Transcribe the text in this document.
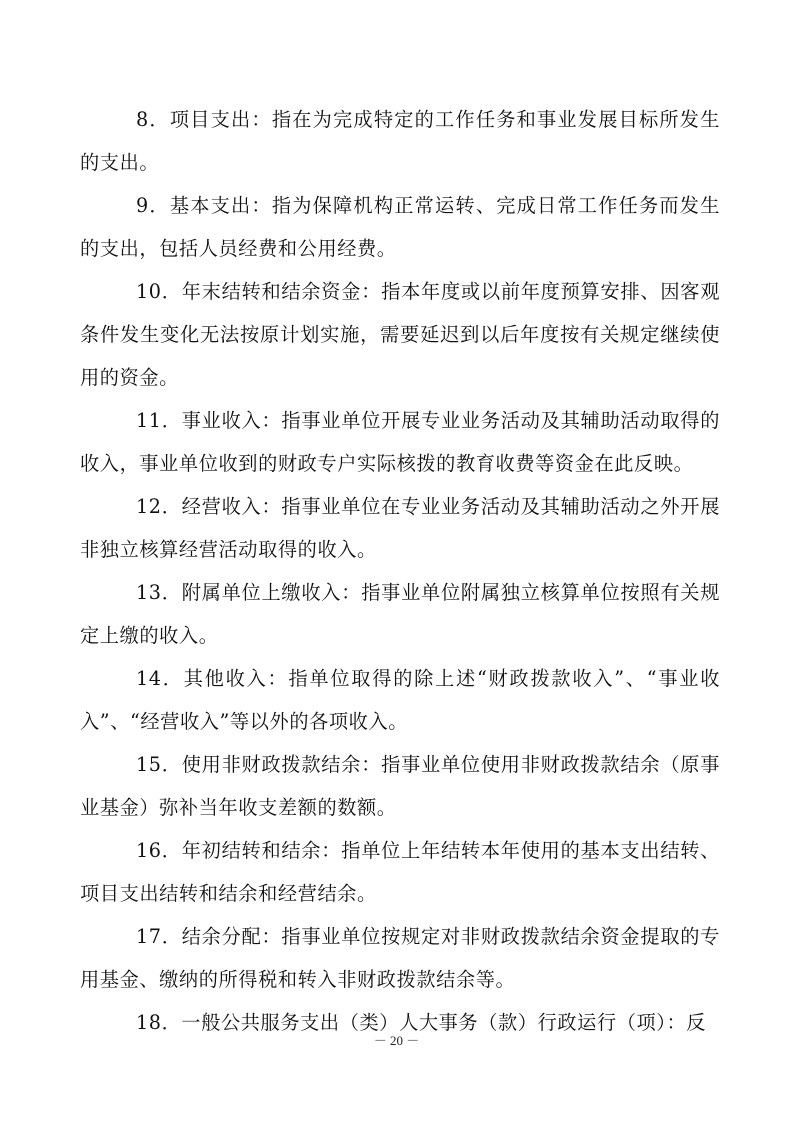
8．项目支出：指在为完成特定的工作任务和事业发展目标所发生的支出。

9．基本支出：指为保障机构正常运转、完成日常工作任务而发生的支出，包括人员经费和公用经费。

10．年末结转和结余资金：指本年度或以前年度预算安排、因客观条件发生变化无法按原计划实施，需要延迟到以后年度按有关规定继续使用的资金。

11．事业收入：指事业单位开展专业业务活动及其辅助活动取得的收入，事业单位收到的财政专户实际核拨的教育收费等资金在此反映。

12．经营收入：指事业单位在专业业务活动及其辅助活动之外开展非独立核算经营活动取得的收入。

13．附属单位上缴收入：指事业单位附属独立核算单位按照有关规定上缴的收入。

14．其他收入：指单位取得的除上述“财政拨款收入”、“事业收入”、“经营收入”等以外的各项收入。

15．使用非财政拨款结余：指事业单位使用非财政拨款结余（原事业基金）弥补当年收支差额的数额。

16．年初结转和结余：指单位上年结转本年使用的基本支出结转、项目支出结转和结余和经营结余。

17．结余分配：指事业单位按规定对非财政拨款结余资金提取的专用基金、缴纳的所得税和转入非财政拨款结余等。

18．一般公共服务支出（类）人大事务（款）行政运行（项）：反

－ 20 －
